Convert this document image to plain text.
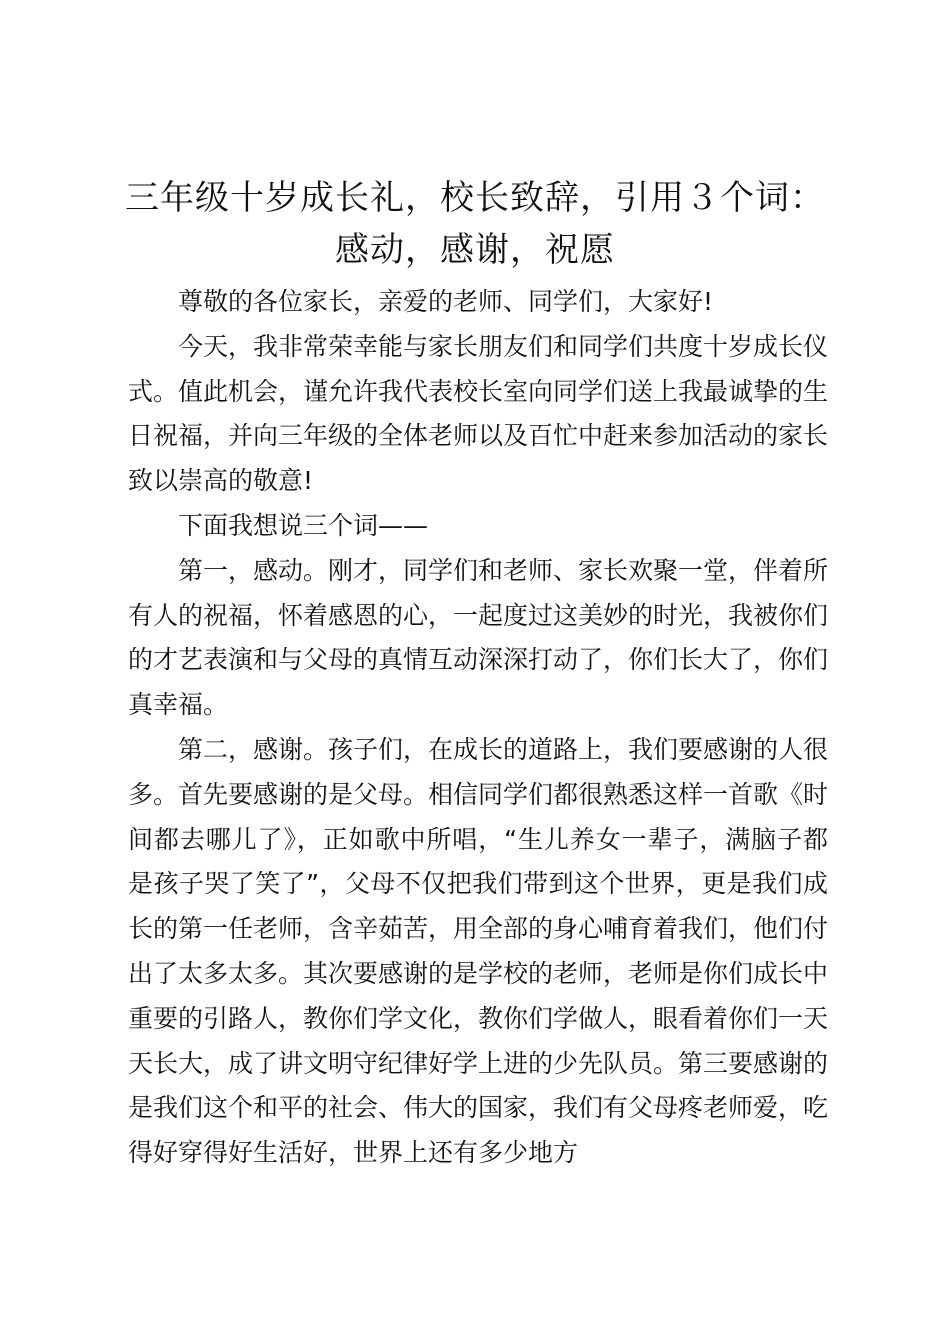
三年级十岁成长礼，校长致辞，引用３个词：
感动，感谢，祝愿

尊敬的各位家长，亲爱的老师、同学们，大家好!

今天，我非常荣幸能与家长朋友们和同学们共度十岁成长仪式。值此机会，谨允许我代表校长室向同学们送上我最诚挚的生日祝福，并向三年级的全体老师以及百忙中赶来参加活动的家长致以崇高的敬意!

下面我想说三个词——

第一，感动。刚才，同学们和老师、家长欢聚一堂，伴着所有人的祝福，怀着感恩的心，一起度过这美妙的时光，我被你们的才艺表演和与父母的真情互动深深打动了，你们长大了，你们真幸福。

第二，感谢。孩子们，在成长的道路上，我们要感谢的人很多。首先要感谢的是父母。相信同学们都很熟悉这样一首歌《时间都去哪儿了》，正如歌中所唱，“生儿养女一辈子，满脑子都是孩子哭了笑了”，父母不仅把我们带到这个世界，更是我们成长的第一任老师，含辛茹苦，用全部的身心哺育着我们，他们付出了太多太多。其次要感谢的是学校的老师，老师是你们成长中重要的引路人，教你们学文化，教你们学做人，眼看着你们一天天长大，成了讲文明守纪律好学上进的少先队员。第三要感谢的是我们这个和平的社会、伟大的国家，我们有父母疼老师爱，吃得好穿得好生活好，世界上还有多少地方
